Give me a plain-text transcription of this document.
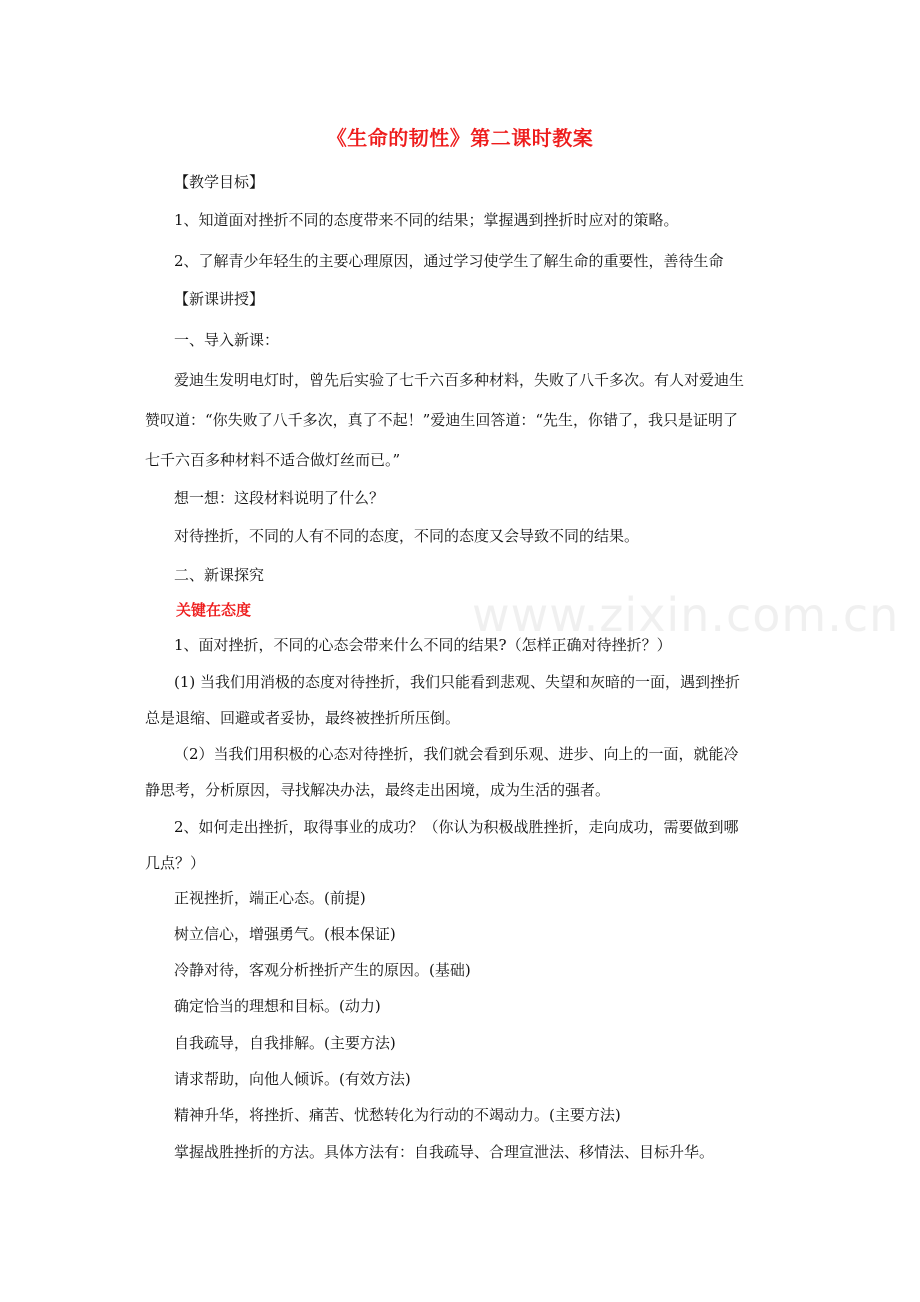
《生命的韧性》第二课时教案
www.zixin.com.cn
【教学目标】
1、知道面对挫折不同的态度带来不同的结果；掌握遇到挫折时应对的策略。
2、了解青少年轻生的主要心理原因，通过学习使学生了解生命的重要性，善待生命
【新课讲授】
一、导入新课：
爱迪生发明电灯时，曾先后实验了七千六百多种材料，失败了八千多次。有人对爱迪生
赞叹道：“你失败了八千多次，真了不起！”爱迪生回答道：“先生，你错了，我只是证明了
七千六百多种材料不适合做灯丝而已。”
想一想：这段材料说明了什么？
对待挫折，不同的人有不同的态度，不同的态度又会导致不同的结果。
二、新课探究
关键在态度
1、面对挫折，不同的心态会带来什么不同的结果?（怎样正确对待挫折？）
(1) 当我们用消极的态度对待挫折，我们只能看到悲观、失望和灰暗的一面，遇到挫折
总是退缩、回避或者妥协，最终被挫折所压倒。
（2）当我们用积极的心态对待挫折，我们就会看到乐观、进步、向上的一面，就能冷
静思考，分析原因，寻找解决办法，最终走出困境，成为生活的强者。
2、如何走出挫折，取得事业的成功？（你认为积极战胜挫折，走向成功，需要做到哪
几点？）
正视挫折，端正心态。(前提)
树立信心，增强勇气。(根本保证)
冷静对待，客观分析挫折产生的原因。(基础)
确定恰当的理想和目标。(动力)
自我疏导，自我排解。(主要方法)
请求帮助，向他人倾诉。(有效方法)
精神升华，将挫折、痛苦、忧愁转化为行动的不竭动力。(主要方法)
掌握战胜挫折的方法。具体方法有：自我疏导、合理宣泄法、移情法、目标升华。
